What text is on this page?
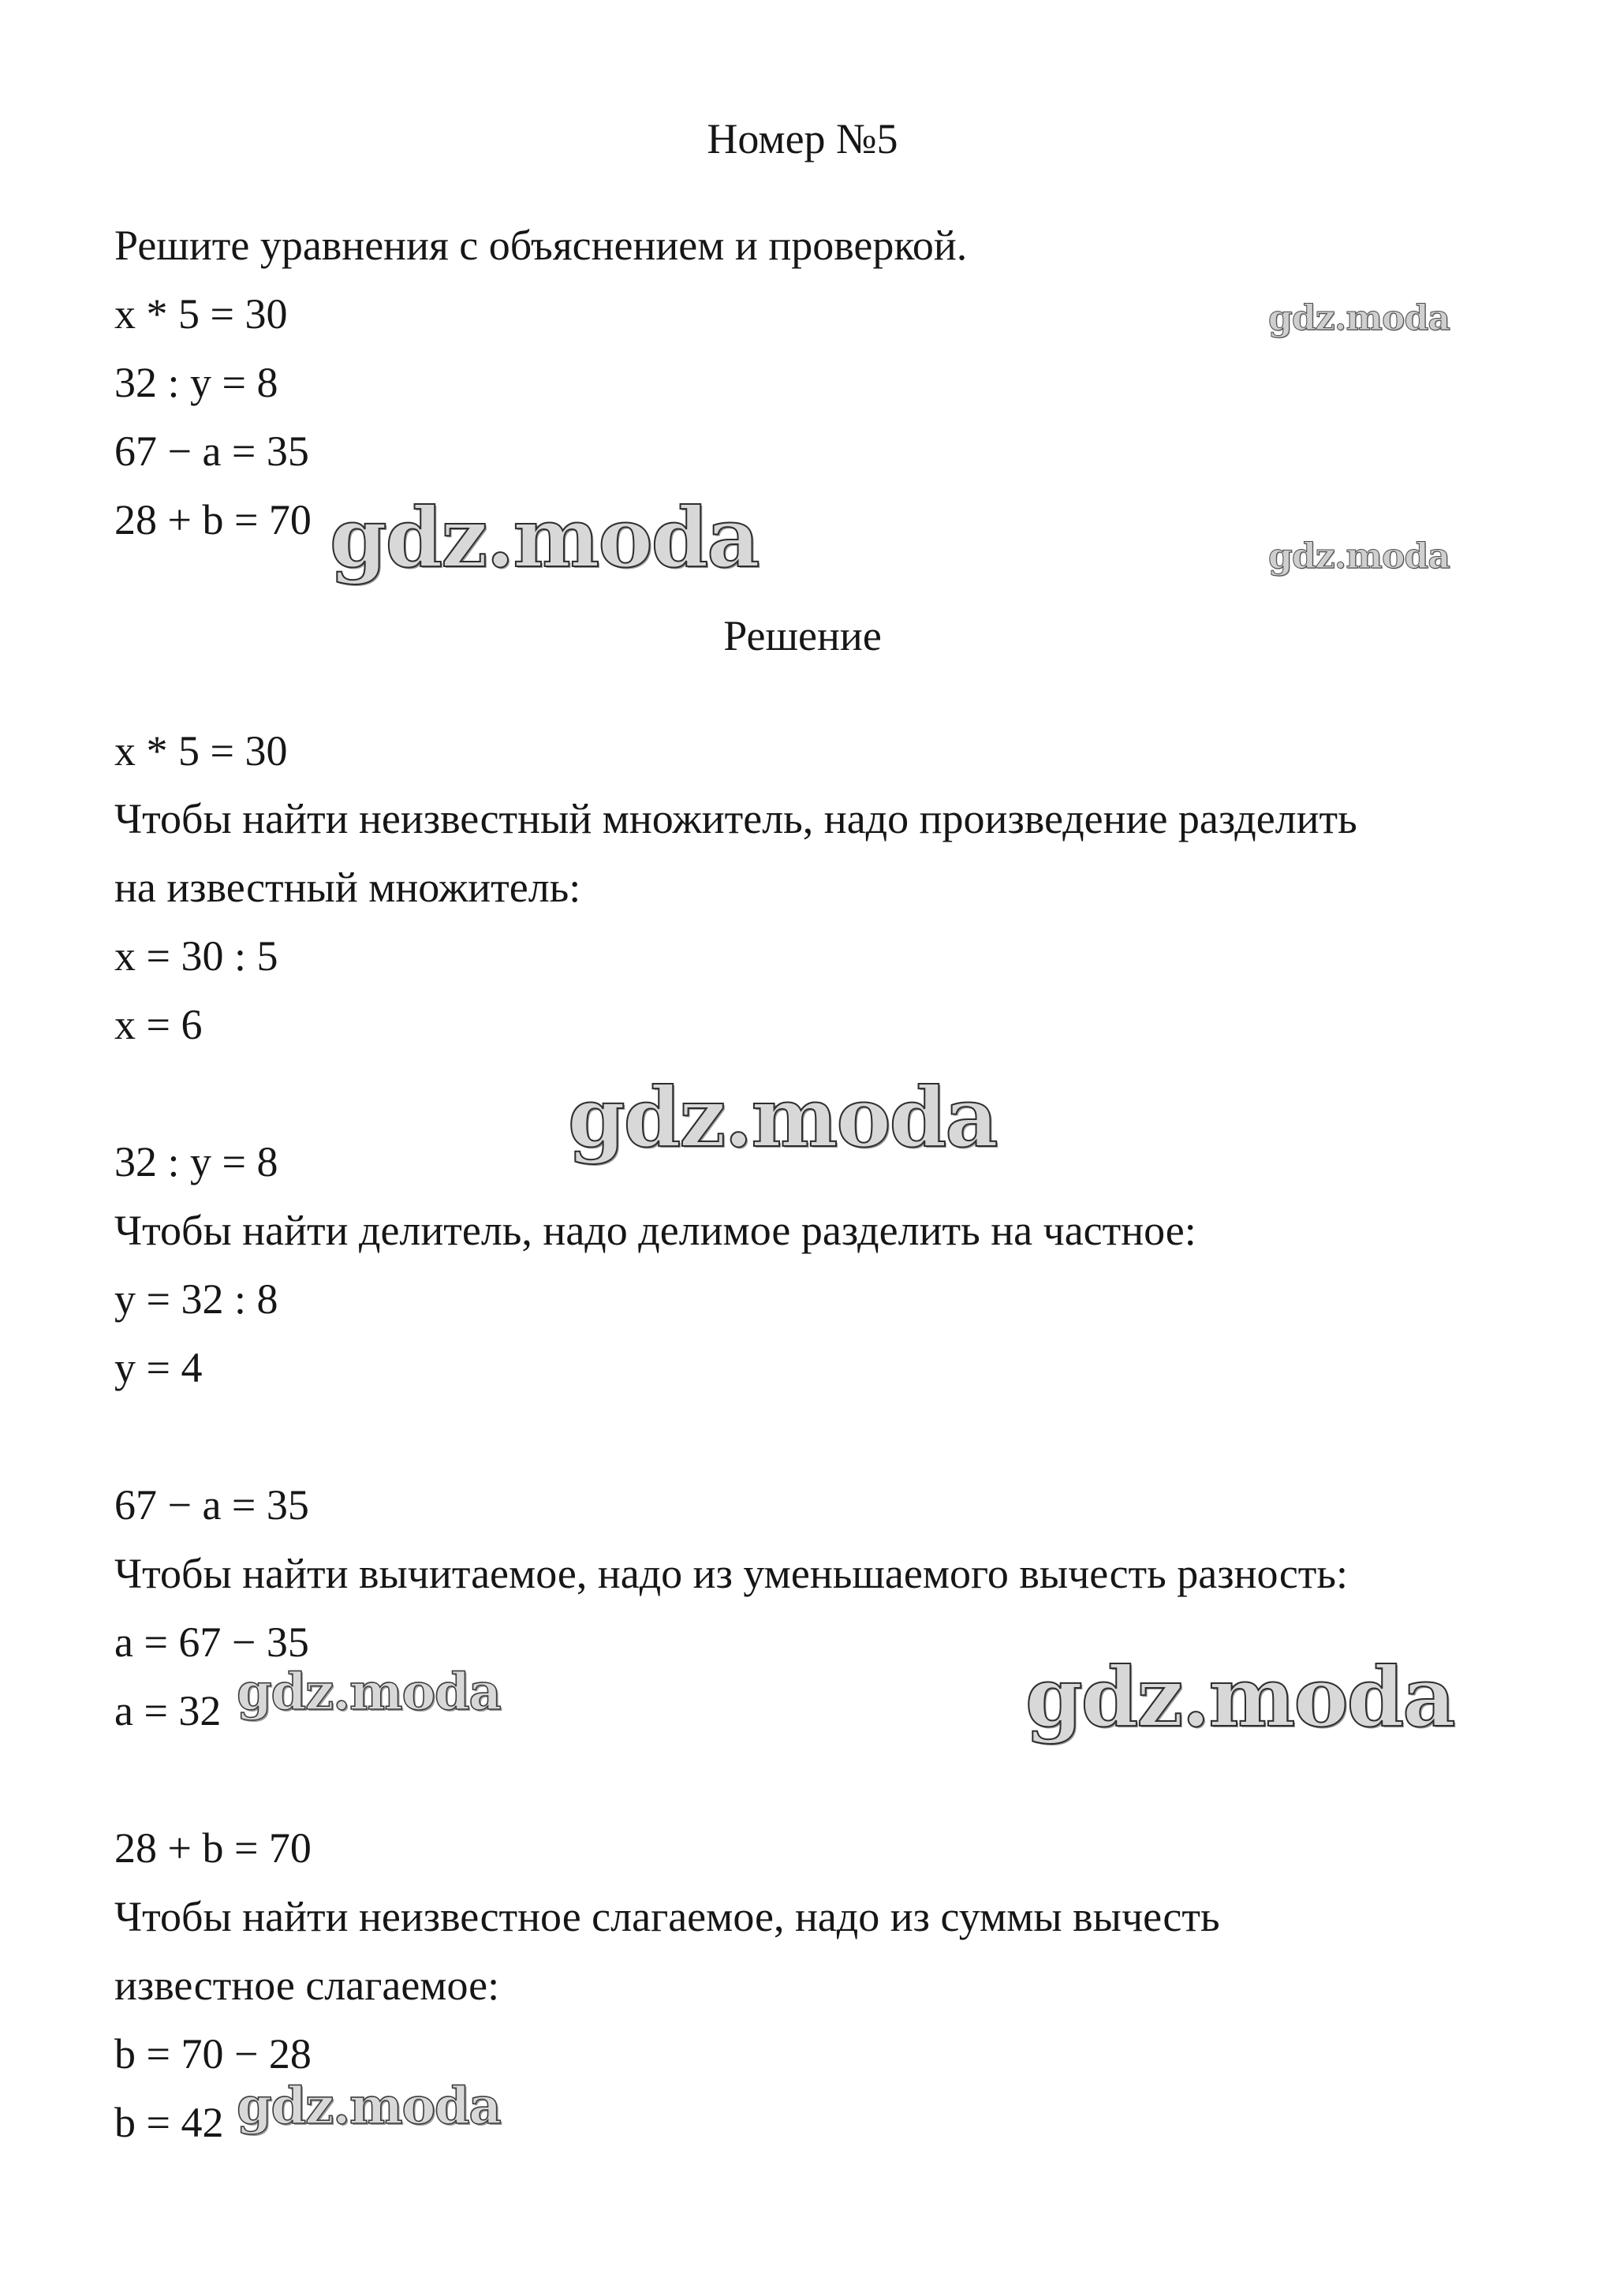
Номер №5
Решите уравнения с объяснением и проверкой.
x * 5 = 30
32 : y = 8
67 − a = 35
28 + b = 70
Решение
x * 5 = 30
Чтобы найти неизвестный множитель, надо произведение разделить
на известный множитель:
x = 30 : 5
x = 6
32 : y = 8
Чтобы найти делитель, надо делимое разделить на частное:
y = 32 : 8
y = 4
67 − a = 35
Чтобы найти вычитаемое, надо из уменьшаемого вычесть разность:
a = 67 − 35
a = 32
28 + b = 70
Чтобы найти неизвестное слагаемое, надо из суммы вычесть
известное слагаемое:
b = 70 − 28
b = 42
gdz.moda
gdz.moda
gdz.moda
gdz.moda
gdz.moda	gdz.moda
gdz.moda
